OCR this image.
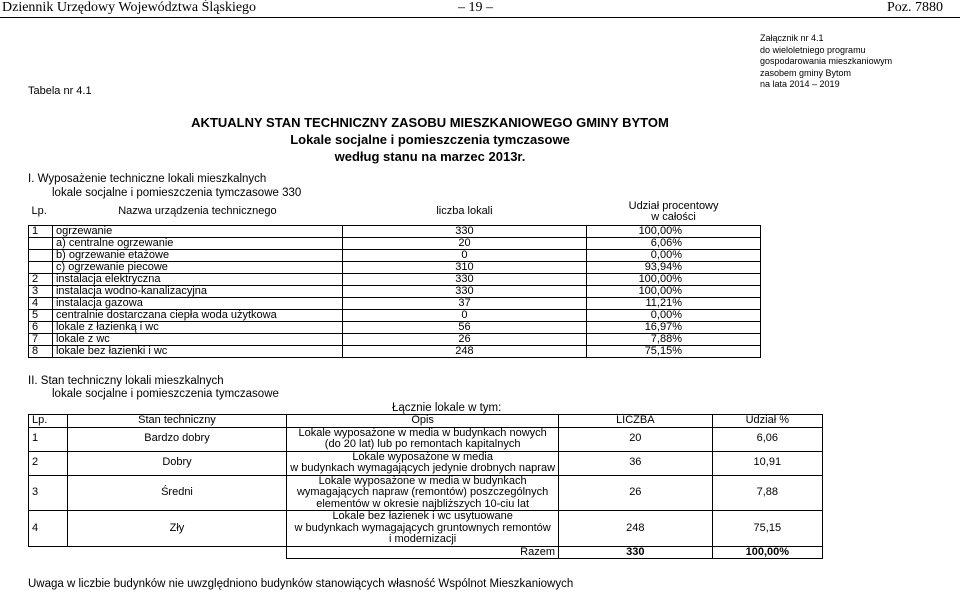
Dziennik Urzędowy Województwa Śląskiego	– 19 –	Poz. 7880
Załącznik nr 4.1
do wieloletniego programu
gospodarowania mieszkaniowym
zasobem gminy Bytom
na lata 2014 – 2019
Tabela nr 4.1
AKTUALNY STAN TECHNICZNY ZASOBU MIESZKANIOWEGO GMINY BYTOM
Lokale socjalne i pomieszczenia tymczasowe
według stanu na marzec 2013r.
I. Wyposażenie techniczne lokali mieszkalnych
lokale socjalne i pomieszczenia tymczasowe 330
Lp.	Nazwa urządzenia technicznego	liczba lokali	Udział procentowy
w całości

1	ogrzewanie	330	100,00%
	a) centralne ogrzewanie	20	6,06%
	b) ogrzewanie etażowe	0	0,00%
	c) ogrzewanie piecowe	310	93,94%
2	instalacja elektryczna	330	100,00%
3	instalacja wodno-kanalizacyjna	330	100,00%
4	instalacja gazowa	37	11,21%
5	centralnie dostarczana ciepła woda użytkowa	0	0,00%
6	lokale z łazienką i wc	56	16,97%
7	lokale z wc	26	7,88%
8	lokale bez łazienki i wc	248	75,15%
II. Stan techniczny lokali mieszkalnych
lokale socjalne i pomieszczenia tymczasowe
Łącznie lokale w tym:
Lp.	Stan techniczny	Opis	LICZBA	Udział %
1	Bardzo dobry	Lokale wyposażone w media w budynkach nowych
(do 20 lat) lub po remontach kapitalnych	20	6,06
2	Dobry	Lokale wyposażone w media
w budynkach wymagających jedynie drobnych napraw	36	10,91
3	Średni	Lokale wyposażone w media w budynkach
wymagających napraw (remontów) poszczególnych
elementów w okresie najbliższych 10-ciu lat	26	7,88
4	Zły	Lokale bez łazienek i wc usytuowane
w budynkach wymagających gruntownych remontów
i modernizacji	248	75,15
		Razem	330	100,00%
Uwaga w liczbie budynków nie uwzględniono budynków stanowiących własność Wspólnot Mieszkaniowych
